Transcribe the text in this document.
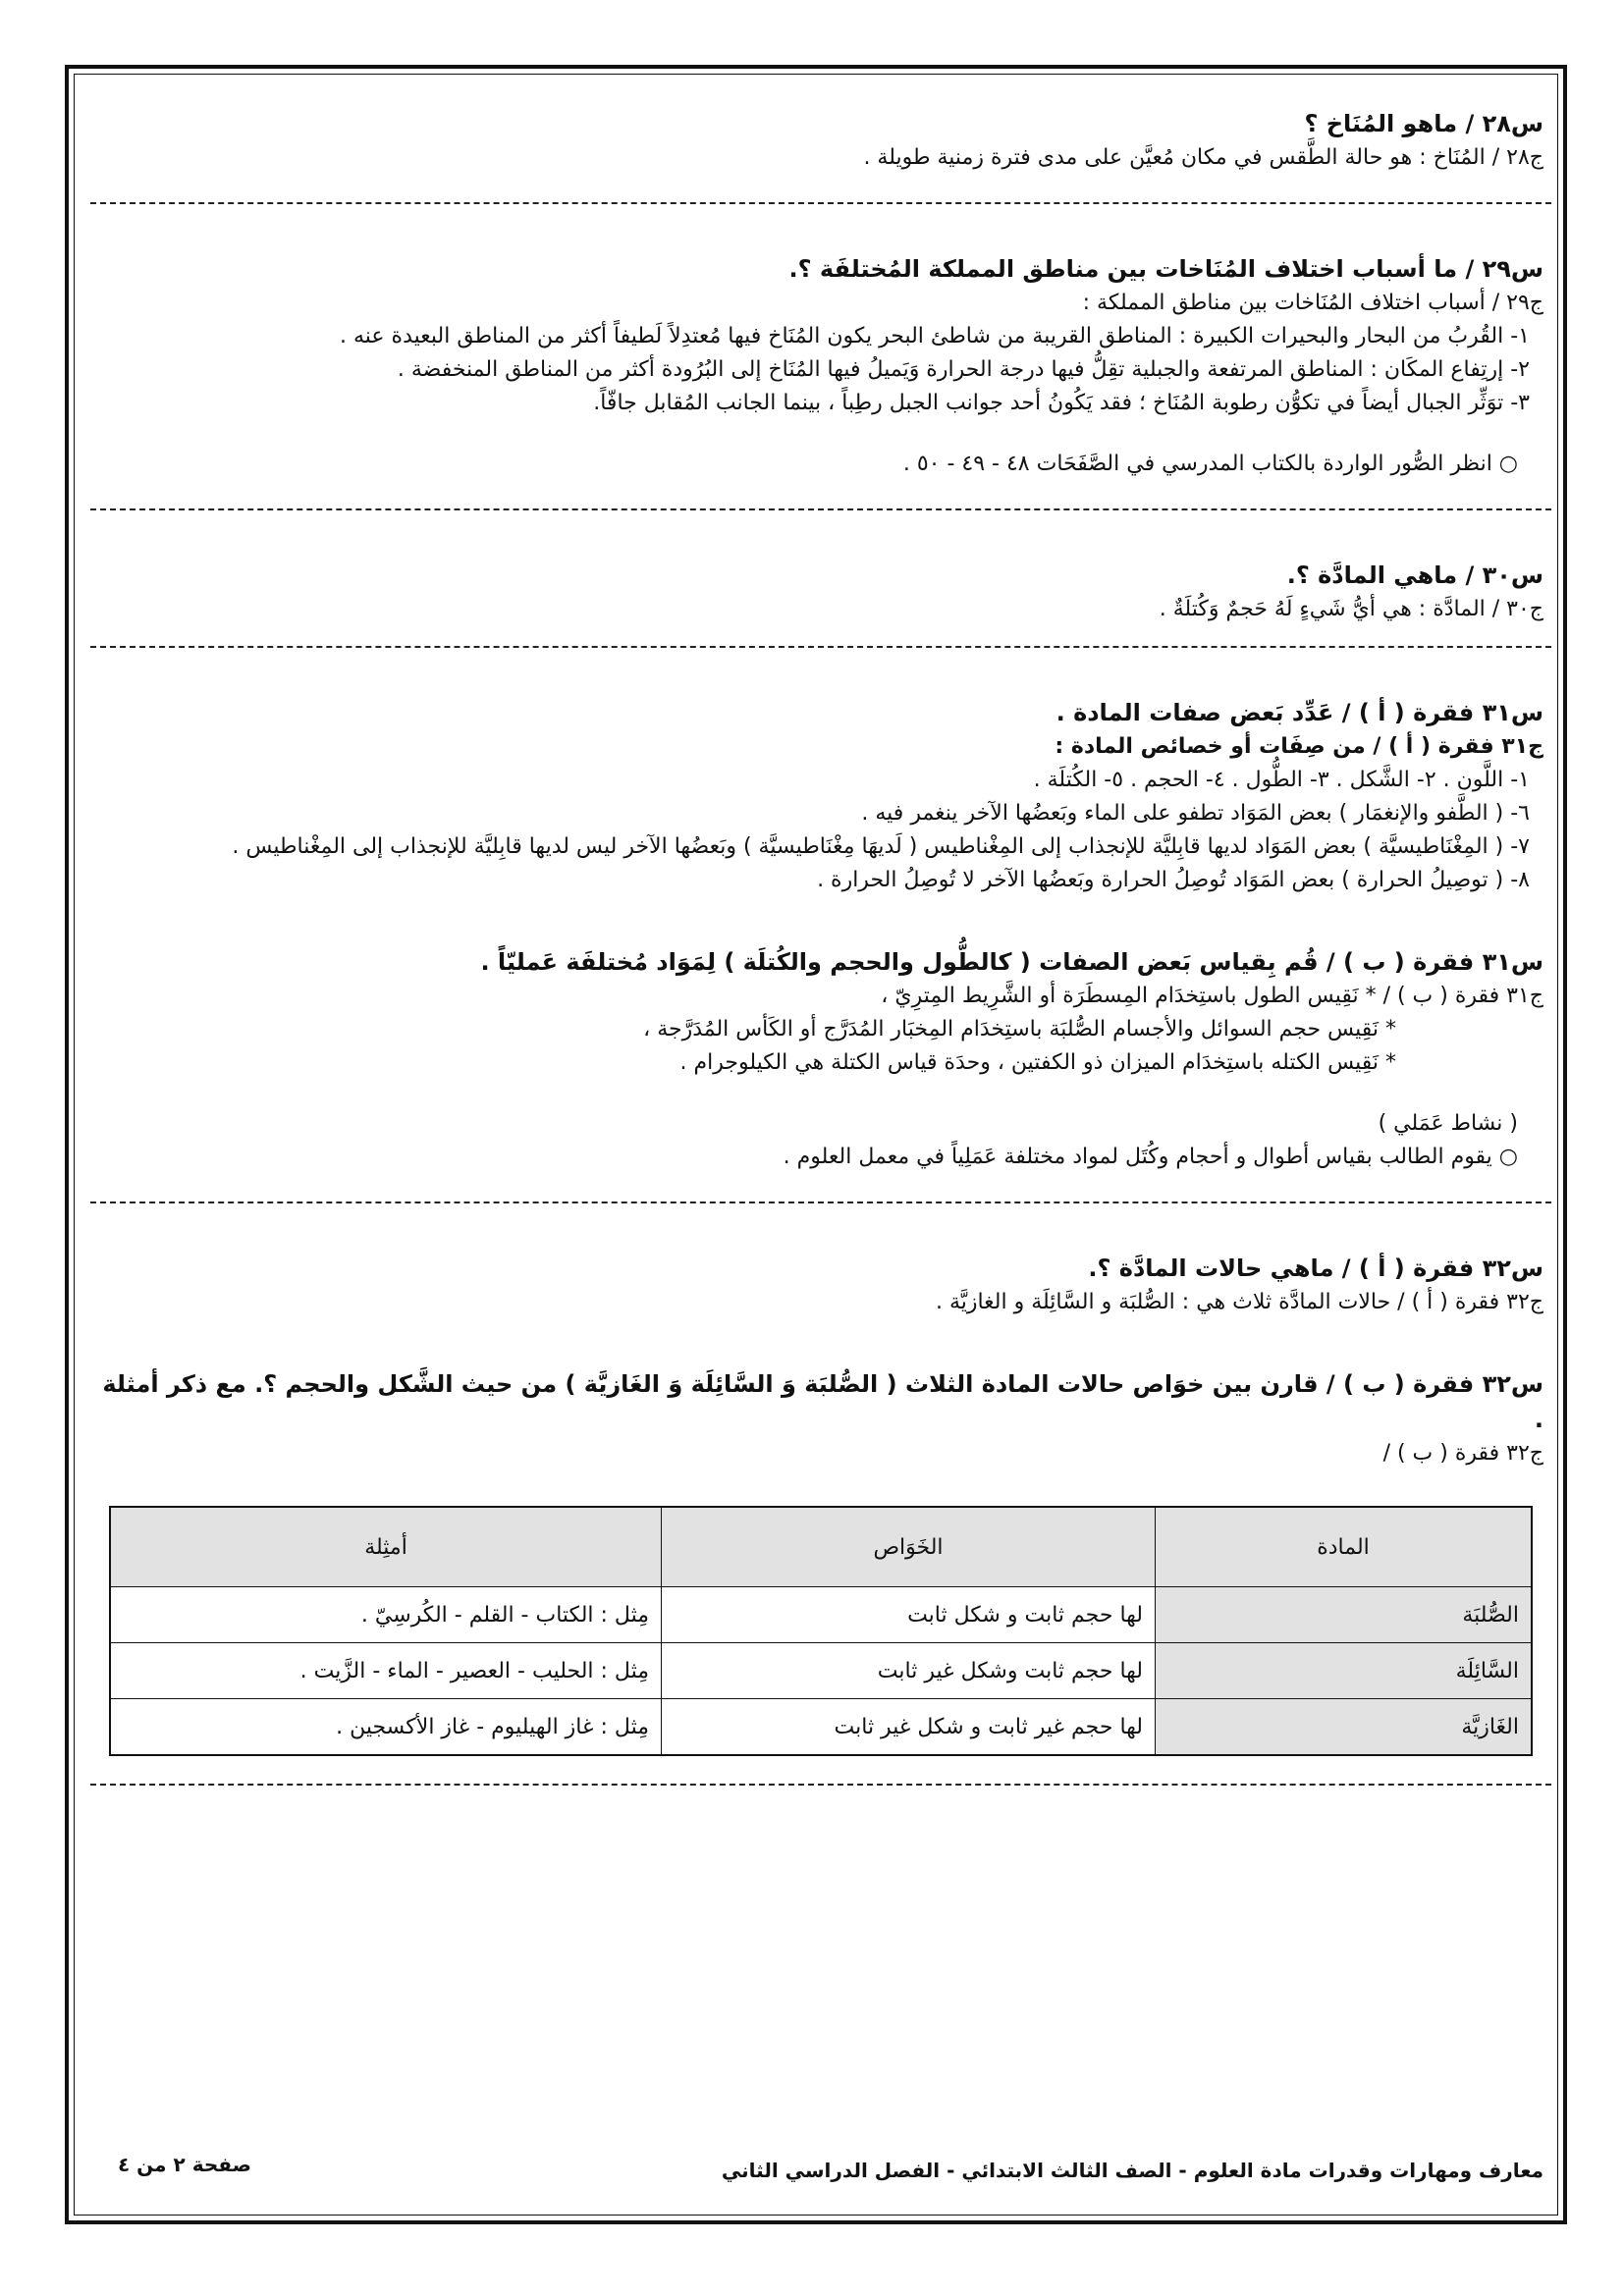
س٢٨ / ماهو المُنَاخ ؟

ج٢٨ / المُنَاخ : هو حالة الطَّقس في مكان مُعيَّن على مدى فترة زمنية طويلة .

س٢٩ / ما أسباب اختلاف المُنَاخات بين مناطق المملكة المُختلفَة ؟.

ج٢٩ / أسباب اختلاف المُنَاخات بين مناطق المملكة :

١- القُربُ من البحار والبحيرات الكبيرة : المناطق القريبة من شاطئ البحر يكون المُنَاخ فيها مُعتدِلاً لَطيفاً أكثر من المناطق البعيدة عنه .

٢- إرتِفاع المكَان : المناطق المرتفعة والجبلية تقِلُّ فيها درجة الحرارة وَيَميلُ فيها المُنَاخ إلى البُرُودة أكثر من المناطق المنخفضة .

٣- توَثِّر الجبال أيضاً في تكوُّن رطوبة المُنَاخ ؛ فقد يَكُونُ أحد جوانب الجبل رطِباً ، بينما الجانب المُقابل جافّاً.

○ انظر الصُّور الواردة بالكتاب المدرسي في الصَّفَحَات ٤٨ - ٤٩ - ٥٠ .

س٣٠ / ماهي المادَّة ؟.

ج٣٠ / المادَّة : هي أيُّ شَيءٍ لَهُ حَجمٌ وَكُتلَةٌ .

س٣١ فقرة ( أ ) / عَدِّد بَعض صفات المادة .

ج٣١ فقرة ( أ ) / من صِفَات أو خصائص المادة :

١- اللَّون . ٢- الشَّكل . ٣- الطُّول . ٤- الحجم . ٥- الكُتلَة .

٦- ( الطَّفو والإنغمَار ) بعض المَوَاد تطفو على الماء وبَعضُها الآخر ينغمر فيه .

٧- ( المِغْنَاطيسيَّة ) بعض المَوَاد لديها قابِليَّة للإنجذاب إلى المِغْناطيس ( لَديهَا مِغْنَاطيسيَّة ) وبَعضُها الآخر ليس لديها قابِليَّة للإنجذاب إلى المِغْناطيس .

٨- ( توصِيلُ الحرارة ) بعض المَوَاد تُوصِلُ الحرارة وبَعضُها الآخر لا تُوصِلُ الحرارة .

س٣١ فقرة ( ب ) / قُم بِقياس بَعض الصفات ( كالطُّول والحجم والكُتلَة ) لِمَوَاد مُختلفَة عَمليّاً .

ج٣١ فقرة ( ب ) / * نَقِيس الطول باستِخدَام المِسطَرَة أو الشَّرِيط المِترِيّ ،

* نَقِيس حجم السوائل والأجسام الصُّلبَة باستِخدَام المِخبَار المُدَرَّج أو الكَأس المُدَرَّجة ،

* نَقِيس الكتله باستِخدَام الميزان ذو الكفتين ، وحدَة قياس الكتلة هي الكيلوجرام .

( نشاط عَمَلي )

○ يقوم الطالب بقياس أطوال و أحجام وكُتَل لمواد مختلفة عَمَلِياً في معمل العلوم .

س٣٢ فقرة ( أ ) / ماهي حالات المادَّة ؟.

ج٣٢ فقرة ( أ ) / حالات المادَّة ثلاث هي : الصُّلبَة و السَّائِلَة و الغازيَّة .

س٣٢ فقرة ( ب ) / قارن بين خوَاص حالات المادة الثلاث ( الصُّلبَة وَ السَّائِلَة وَ الغَازيَّة ) من حيث الشَّكل والحجم ؟. مع ذكر أمثلة .

ج٣٢ فقرة ( ب ) /

المادة	الخَوَاص	أمثِلة
الصُّلبَة	لها حجم ثابت و شكل ثابت	مِثل : الكتاب - القلم - الكُرسِيّ .
السَّائِلَة	لها حجم ثابت وشكل غير ثابت	مِثل : الحليب - العصير - الماء - الزَّيت .
الغَازيَّة	لها حجم غير ثابت و شكل غير ثابت	مِثل : غاز الهيليوم - غاز الأكسجين .
معارف ومهارات وقدرات مادة العلوم - الصف الثالث الابتدائي - الفصل الدراسي الثاني
صفحة ٢ من ٤
